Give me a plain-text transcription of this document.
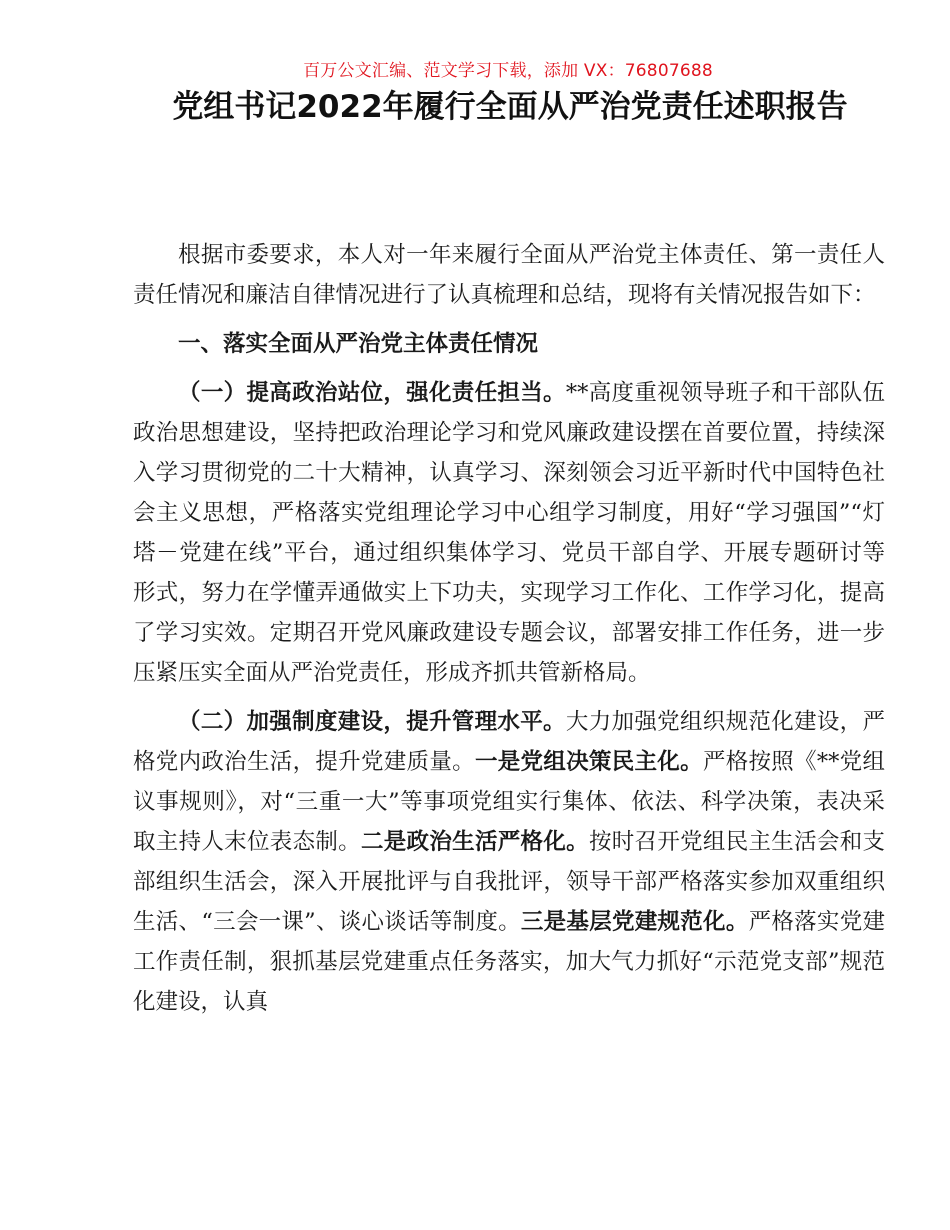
百万公文汇编、范文学习下载，添加 VX：76807688
党组书记2022年履行全面从严治党责任述职报告

根据市委要求，本人对一年来履行全面从严治党主体责任、第一责任人责任情况和廉洁自律情况进行了认真梳理和总结，现将有关情况报告如下：

一、落实全面从严治党主体责任情况

（一）提高政治站位，强化责任担当。**高度重视领导班子和干部队伍政治思想建设，坚持把政治理论学习和党风廉政建设摆在首要位置，持续深入学习贯彻党的二十大精神，认真学习、深刻领会习近平新时代中国特色社会主义思想，严格落实党组理论学习中心组学习制度，用好“学习强国”“灯塔－党建在线”平台，通过组织集体学习、党员干部自学、开展专题研讨等形式，努力在学懂弄通做实上下功夫，实现学习工作化、工作学习化，提高了学习实效。定期召开党风廉政建设专题会议，部署安排工作任务，进一步压紧压实全面从严治党责任，形成齐抓共管新格局。

（二）加强制度建设，提升管理水平。大力加强党组织规范化建设，严格党内政治生活，提升党建质量。一是党组决策民主化。严格按照《**党组议事规则》，对“三重一大”等事项党组实行集体、依法、科学决策，表决采取主持人末位表态制。二是政治生活严格化。按时召开党组民主生活会和支部组织生活会，深入开展批评与自我批评，领导干部严格落实参加双重组织生活、“三会一课”、谈心谈话等制度。三是基层党建规范化。严格落实党建工作责任制，狠抓基层党建重点任务落实，加大气力抓好“示范党支部”规范化建设，认真
